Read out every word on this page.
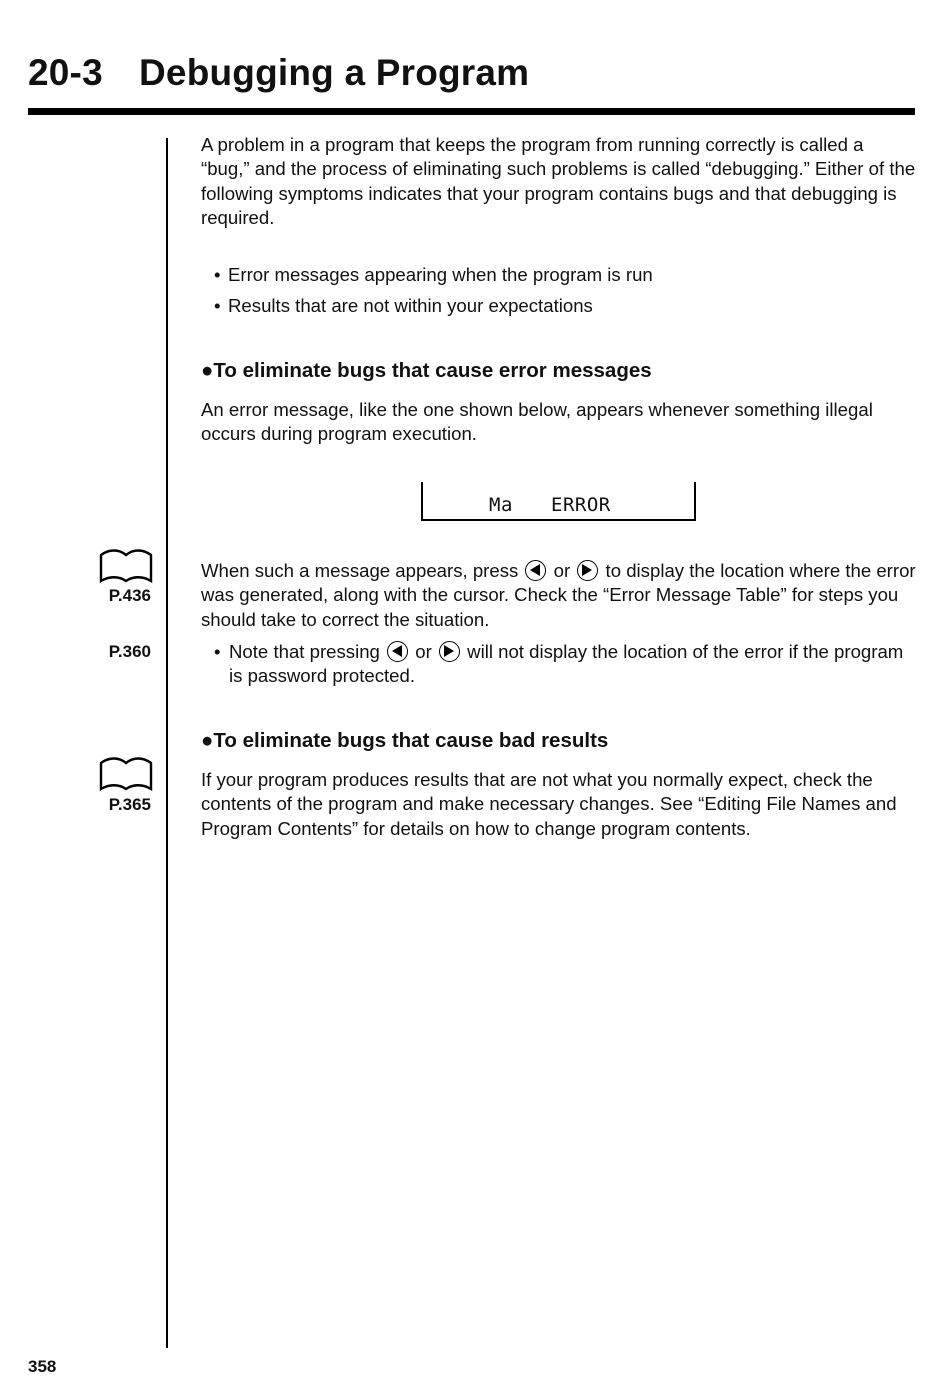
20-3 Debugging a Program
A problem in a program that keeps the program from running correctly is called a “bug,” and the process of eliminating such problems is called “debugging.” Either of the following symptoms indicates that your program contains bugs and that debugging is required.
• Error messages appearing when the program is run
• Results that are not within your expectations
●To eliminate bugs that cause error messages
An error message, like the one shown below, appears whenever something illegal occurs during program execution.
Ma ERROR
P.436
When such a message appears, press or to display the location where the error was generated, along with the cursor. Check the “Error Message Table” for steps you should take to correct the situation.
P.360	• Note that pressing or will not display the location of the error if the program is password protected.
●To eliminate bugs that cause bad results
P.365
If your program produces results that are not what you normally expect, check the contents of the program and make necessary changes. See “Editing File Names and Program Contents” for details on how to change program contents.
358
